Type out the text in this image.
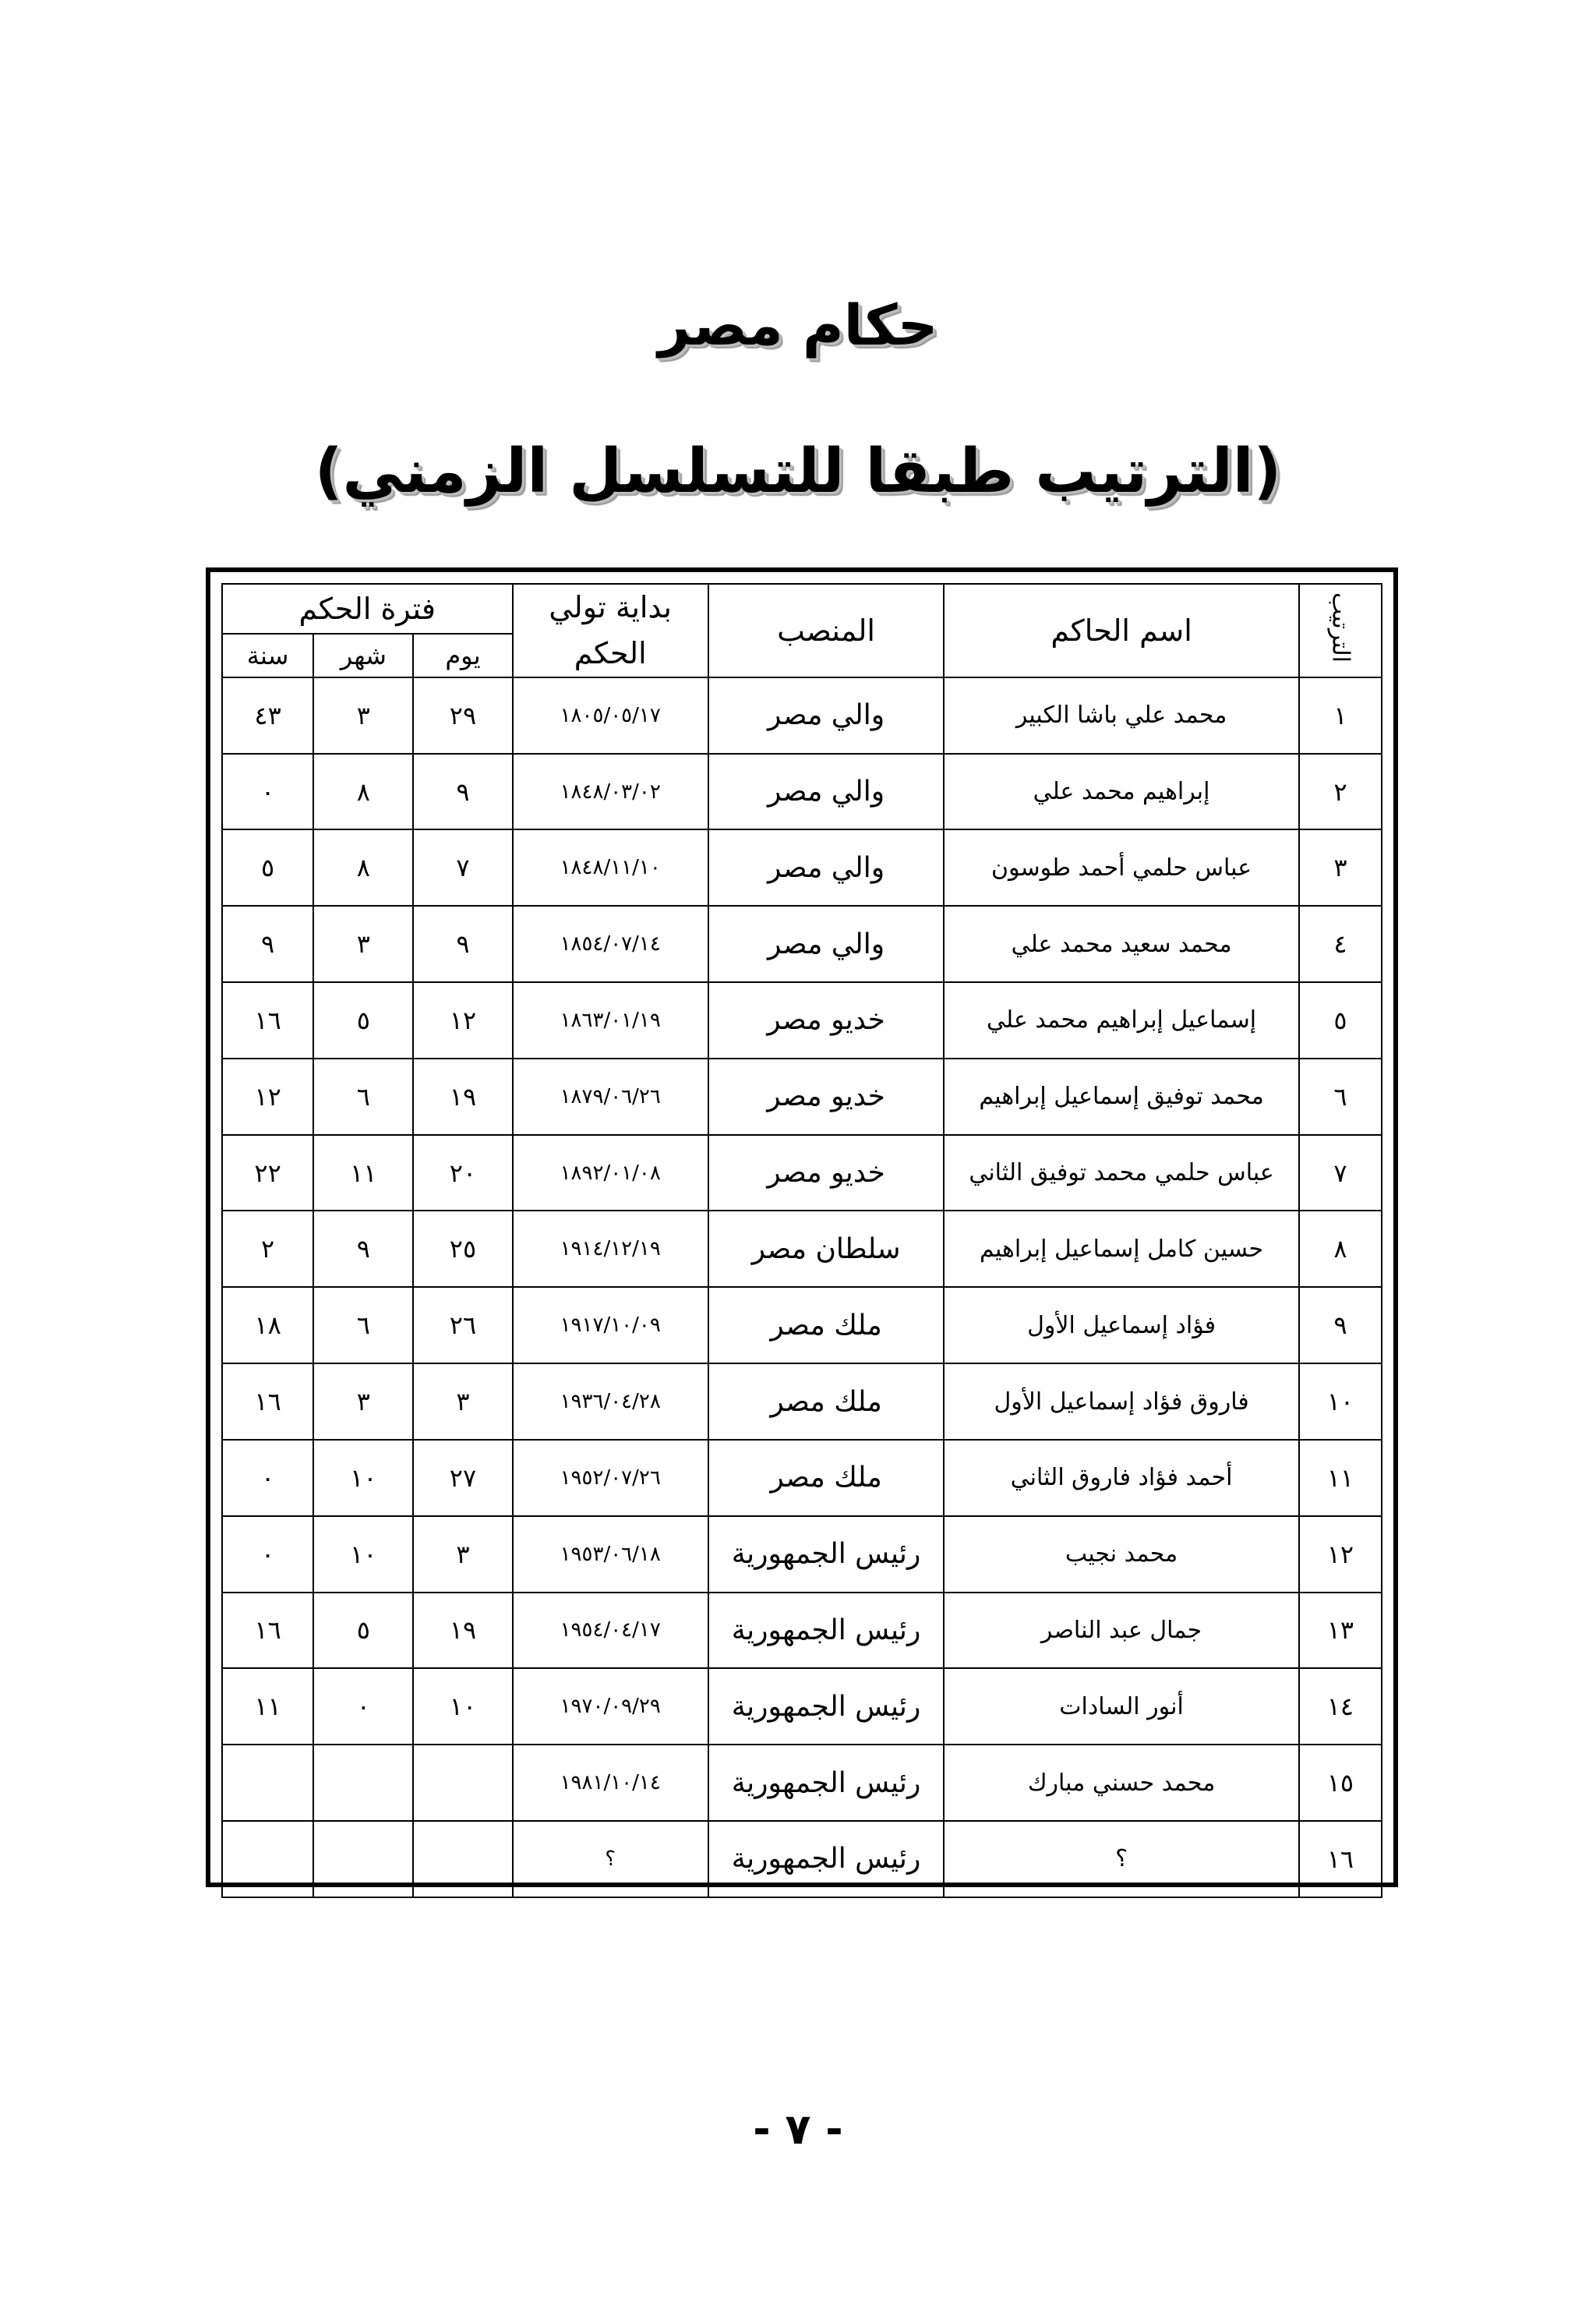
حكام مصر
(الترتيب طبقا للتسلسل الزمني)
الترتيب	اسم الحاكم	المنصب	بداية تولي الحكم	فترة الحكم		
				يوم	شهر	سنة
١	محمد علي باشا الكبير	والي مصر	١٨٠٥/٠٥/١٧	٢٩	٣	٤٣
٢	إبراهيم محمد علي	والي مصر	١٨٤٨/٠٣/٠٢	٩	٨	٠
٣	عباس حلمي أحمد طوسون	والي مصر	١٨٤٨/١١/١٠	٧	٨	٥
٤	محمد سعيد محمد علي	والي مصر	١٨٥٤/٠٧/١٤	٩	٣	٩
٥	إسماعيل إبراهيم محمد علي	خديو مصر	١٨٦٣/٠١/١٩	١٢	٥	١٦
٦	محمد توفيق إسماعيل إبراهيم	خديو مصر	١٨٧٩/٠٦/٢٦	١٩	٦	١٢
٧	عباس حلمي محمد توفيق الثاني	خديو مصر	١٨٩٢/٠١/٠٨	٢٠	١١	٢٢
٨	حسين كامل إسماعيل إبراهيم	سلطان مصر	١٩١٤/١٢/١٩	٢٥	٩	٢
٩	فؤاد إسماعيل الأول	ملك مصر	١٩١٧/١٠/٠٩	٢٦	٦	١٨
١٠	فاروق فؤاد إسماعيل الأول	ملك مصر	١٩٣٦/٠٤/٢٨	٣	٣	١٦
١١	أحمد فؤاد فاروق الثاني	ملك مصر	١٩٥٢/٠٧/٢٦	٢٧	١٠	٠
١٢	محمد نجيب	رئيس الجمهورية	١٩٥٣/٠٦/١٨	٣	١٠	٠
١٣	جمال عبد الناصر	رئيس الجمهورية	١٩٥٤/٠٤/١٧	١٩	٥	١٦
١٤	أنور السادات	رئيس الجمهورية	١٩٧٠/٠٩/٢٩	١٠	٠	١١
١٥	محمد حسني مبارك	رئيس الجمهورية	١٩٨١/١٠/١٤			
١٦	؟	رئيس الجمهورية	؟			
- ٧ -
